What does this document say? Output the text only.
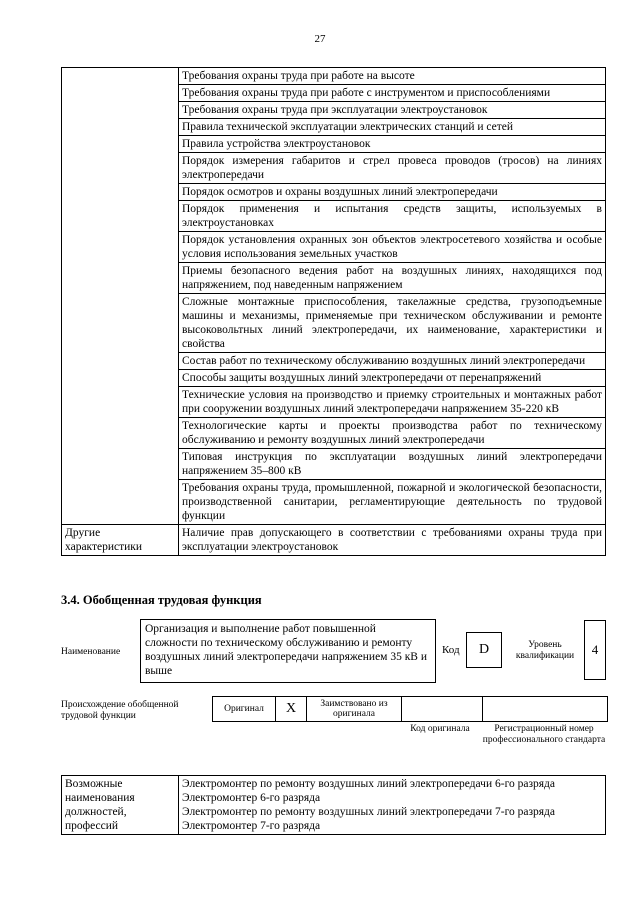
27
	Требования охраны труда при работе на высоте
	Требования охраны труда при работе с инструментом и приспособлениями
	Требования охраны труда при эксплуатации электроустановок
	Правила технической эксплуатации электрических станций и сетей
	Правила устройства электроустановок
	Порядок измерения габаритов и стрел провеса проводов (тросов) на линиях электропередачи
	Порядок осмотров и охраны воздушных линий электропередачи
	Порядок применения и испытания средств защиты, используемых в электроустановках
	Порядок установления охранных зон объектов электросетевого хозяйства и особые условия использования земельных участков
	Приемы безопасного ведения работ на воздушных линиях, находящихся под напряжением, под наведенным напряжением
	Сложные монтажные приспособления, такелажные средства, грузоподъемные машины и механизмы, применяемые при техническом обслуживании и ремонте высоковольтных линий электропередачи, их наименование, характеристики и свойства
	Состав работ по техническому обслуживанию воздушных линий электропередачи
	Способы защиты воздушных линий электропередачи от перенапряжений
	Технические условия на производство и приемку строительных и монтажных работ при сооружении воздушных линий электропередачи напряжением 35-220 кВ
	Технологические карты и проекты производства работ по техническому обслуживанию и ремонту воздушных линий электропередачи
	Типовая инструкция по эксплуатации воздушных линий электропередачи напряжением 35–800 кВ
	Требования охраны труда, промышленной, пожарной и экологической безопасности, производственной санитарии, регламентирующие деятельность по трудовой функции
Другие характеристики	Наличие прав допускающего в соответствии с требованиями охраны труда при эксплуатации электроустановок
3.4. Обобщенная трудовая функция
Наименование
Организация и выполнение работ повышенной сложности по техническому обслуживанию и ремонту воздушных линий электропередачи напряжением 35 кВ и выше
Код	D	Уровень квалификации	4
Происхождение обобщенной трудовой функции
Оригинал	X	Заимствовано из оригинала
Код оригинала	Регистрационный номер профессионального стандарта
Возможные наименования должностей, профессий	
Электромонтер по ремонту воздушных линий электропередачи 6-го разряда
Электромонтер 6-го разряда
Электромонтер по ремонту воздушных линий электропередачи 7-го разряда
Электромонтер 7-го разряда
